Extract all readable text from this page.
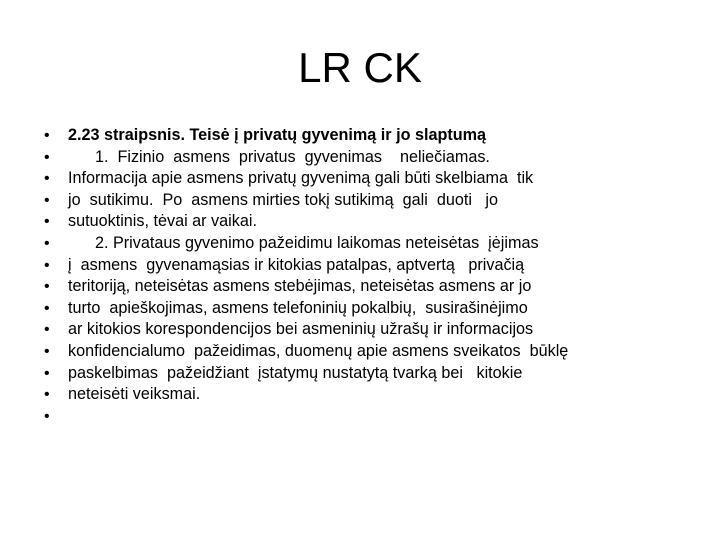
LR CK
•
•
•
•
•
•
•
•
•
•
•
•
•
•
2.23 straipsnis. Teisė į privatų gyvenimą ir jo slaptumą
1.  Fizinio  asmens  privatus  gyvenimas    neliečiamas.
Informacija apie asmens privatų gyvenimą gali būti skelbiama  tik
jo  sutikimu.  Po  asmens mirties tokį sutikimą  gali  duoti   jo
sutuoktinis, tėvai ar vaikai.
2. Privataus gyvenimo pažeidimu laikomas neteisėtas  įėjimas
į  asmens  gyvenamąsias ir kitokias patalpas, aptvertą   privačią
teritoriją, neteisėtas asmens stebėjimas, neteisėtas asmens ar jo
turto  apieškojimas, asmens telefoninių pokalbių,  susirašinėjimo
ar kitokios korespondencijos bei asmeninių užrašų ir informacijos
konfidencialumo  pažeidimas, duomenų apie asmens sveikatos  būklę
paskelbimas  pažeidžiant  įstatymų nustatytą tvarką bei   kitokie
neteisėti veiksmai.
